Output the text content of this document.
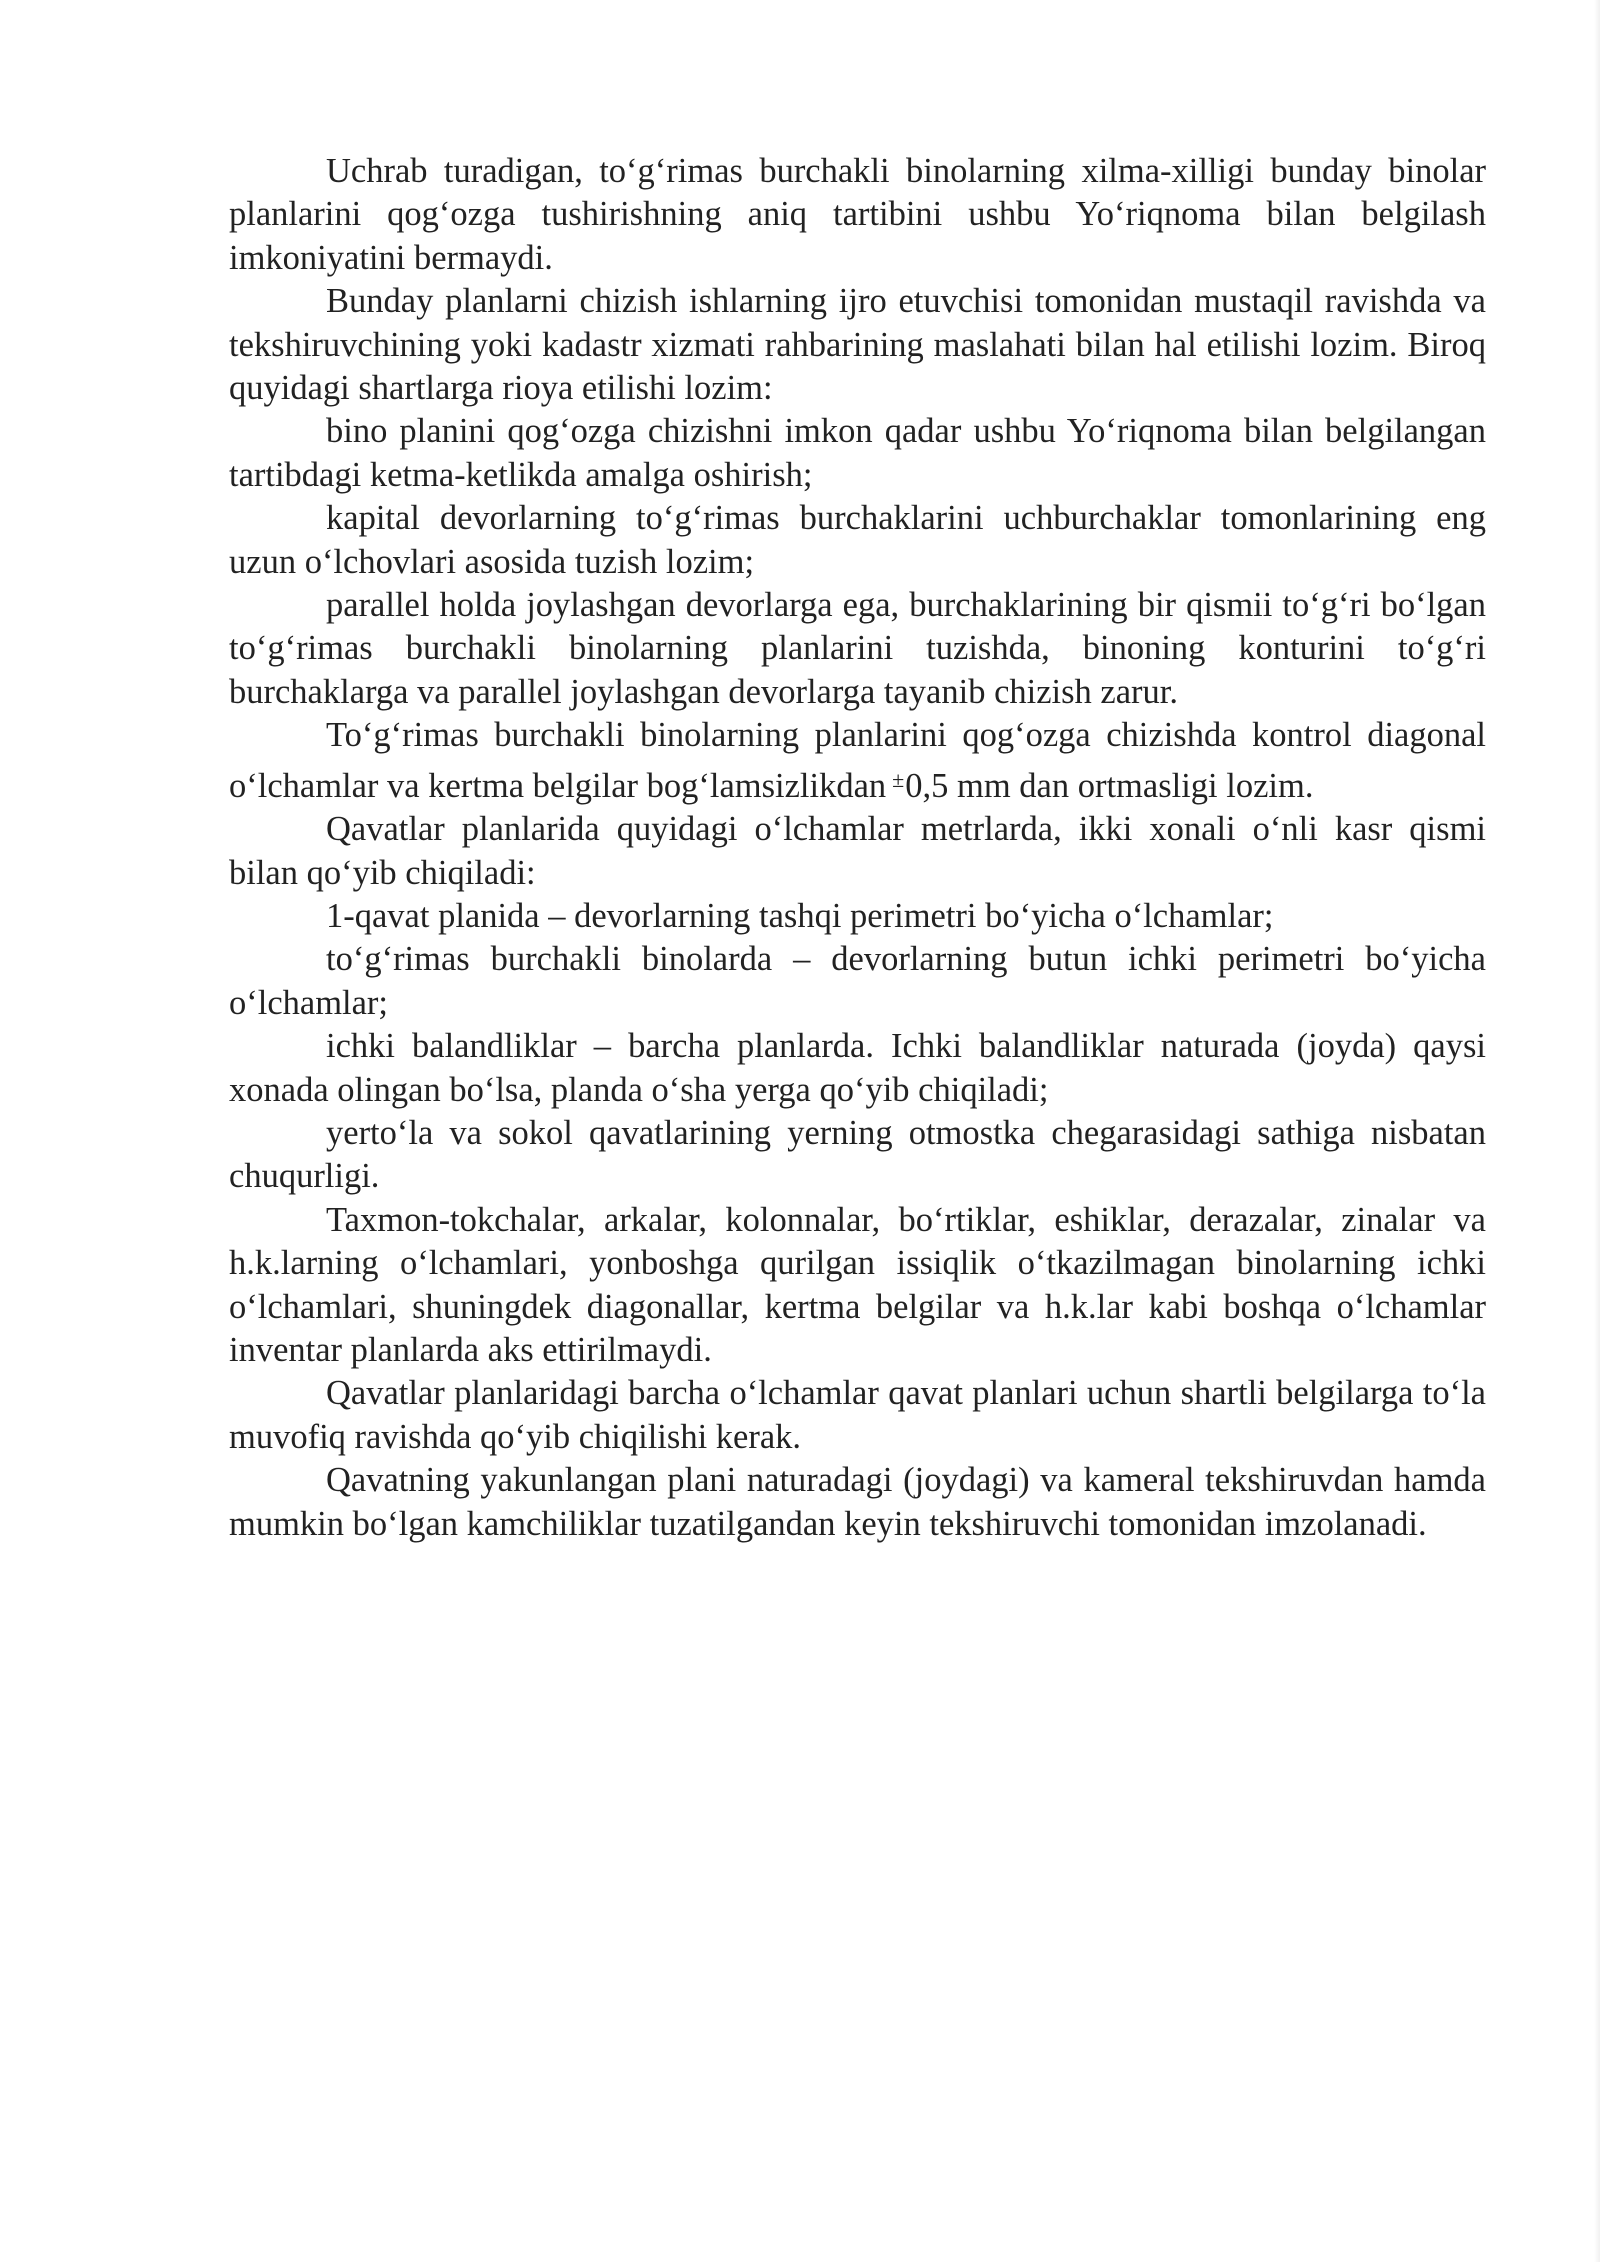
Uchrab turadigan, to‘g‘rimas burchakli binolarning xilma-xilligi bunday binolar planlarini qog‘ozga tushirishning aniq tartibini ushbu Yo‘riqnoma bilan belgilash imkoniyatini bermaydi.

Bunday planlarni chizish ishlarning ijro etuvchisi tomonidan mustaqil ravishda va tekshiruvchining yoki kadastr xizmati rahbarining maslahati bilan hal etilishi lozim. Biroq quyidagi shartlarga rioya etilishi lozim:

bino planini qog‘ozga chizishni imkon qadar ushbu Yo‘riqnoma bilan belgilangan tartibdagi ketma-ketlikda amalga oshirish;

kapital devorlarning to‘g‘rimas burchaklarini uchburchaklar tomonlarining eng uzun o‘lchovlari asosida tuzish lozim;

parallel holda joylashgan devorlarga ega, burchaklarining bir qismii to‘g‘ri bo‘lgan to‘g‘rimas burchakli binolarning planlarini tuzishda, binoning konturini to‘g‘ri burchaklarga va parallel joylashgan devorlarga tayanib chizish zarur.

To‘g‘rimas burchakli binolarning planlarini qog‘ozga chizishda kontrol diagonal o‘lchamlar va kertma belgilar bog‘lamsizlikdan ±0,5 mm dan ortmasligi lozim.

Qavatlar planlarida quyidagi o‘lchamlar metrlarda, ikki xonali o‘nli kasr qismi bilan qo‘yib chiqiladi:

1-qavat planida – devorlarning tashqi perimetri bo‘yicha o‘lchamlar;

to‘g‘rimas burchakli binolarda – devorlarning butun ichki perimetri bo‘yicha o‘lchamlar;

ichki balandliklar – barcha planlarda. Ichki balandliklar naturada (joyda) qaysi xonada olingan bo‘lsa, planda o‘sha yerga qo‘yib chiqiladi;

yerto‘la va sokol qavatlarining yerning otmostka chegarasidagi sathiga nisbatan chuqurligi.

Taxmon-tokchalar, arkalar, kolonnalar, bo‘rtiklar, eshiklar, derazalar, zinalar va h.k.larning o‘lchamlari, yonboshga qurilgan issiqlik o‘tkazilmagan binolarning ichki o‘lchamlari, shuningdek diagonallar, kertma belgilar va h.k.lar kabi boshqa o‘lchamlar inventar planlarda aks ettirilmaydi.

Qavatlar planlaridagi barcha o‘lchamlar qavat planlari uchun shartli belgilarga to‘la muvofiq ravishda qo‘yib chiqilishi kerak.

Qavatning yakunlangan plani naturadagi (joydagi) va kameral tekshiruvdan hamda mumkin bo‘lgan kamchiliklar tuzatilgandan keyin tekshiruvchi tomonidan imzolanadi.
